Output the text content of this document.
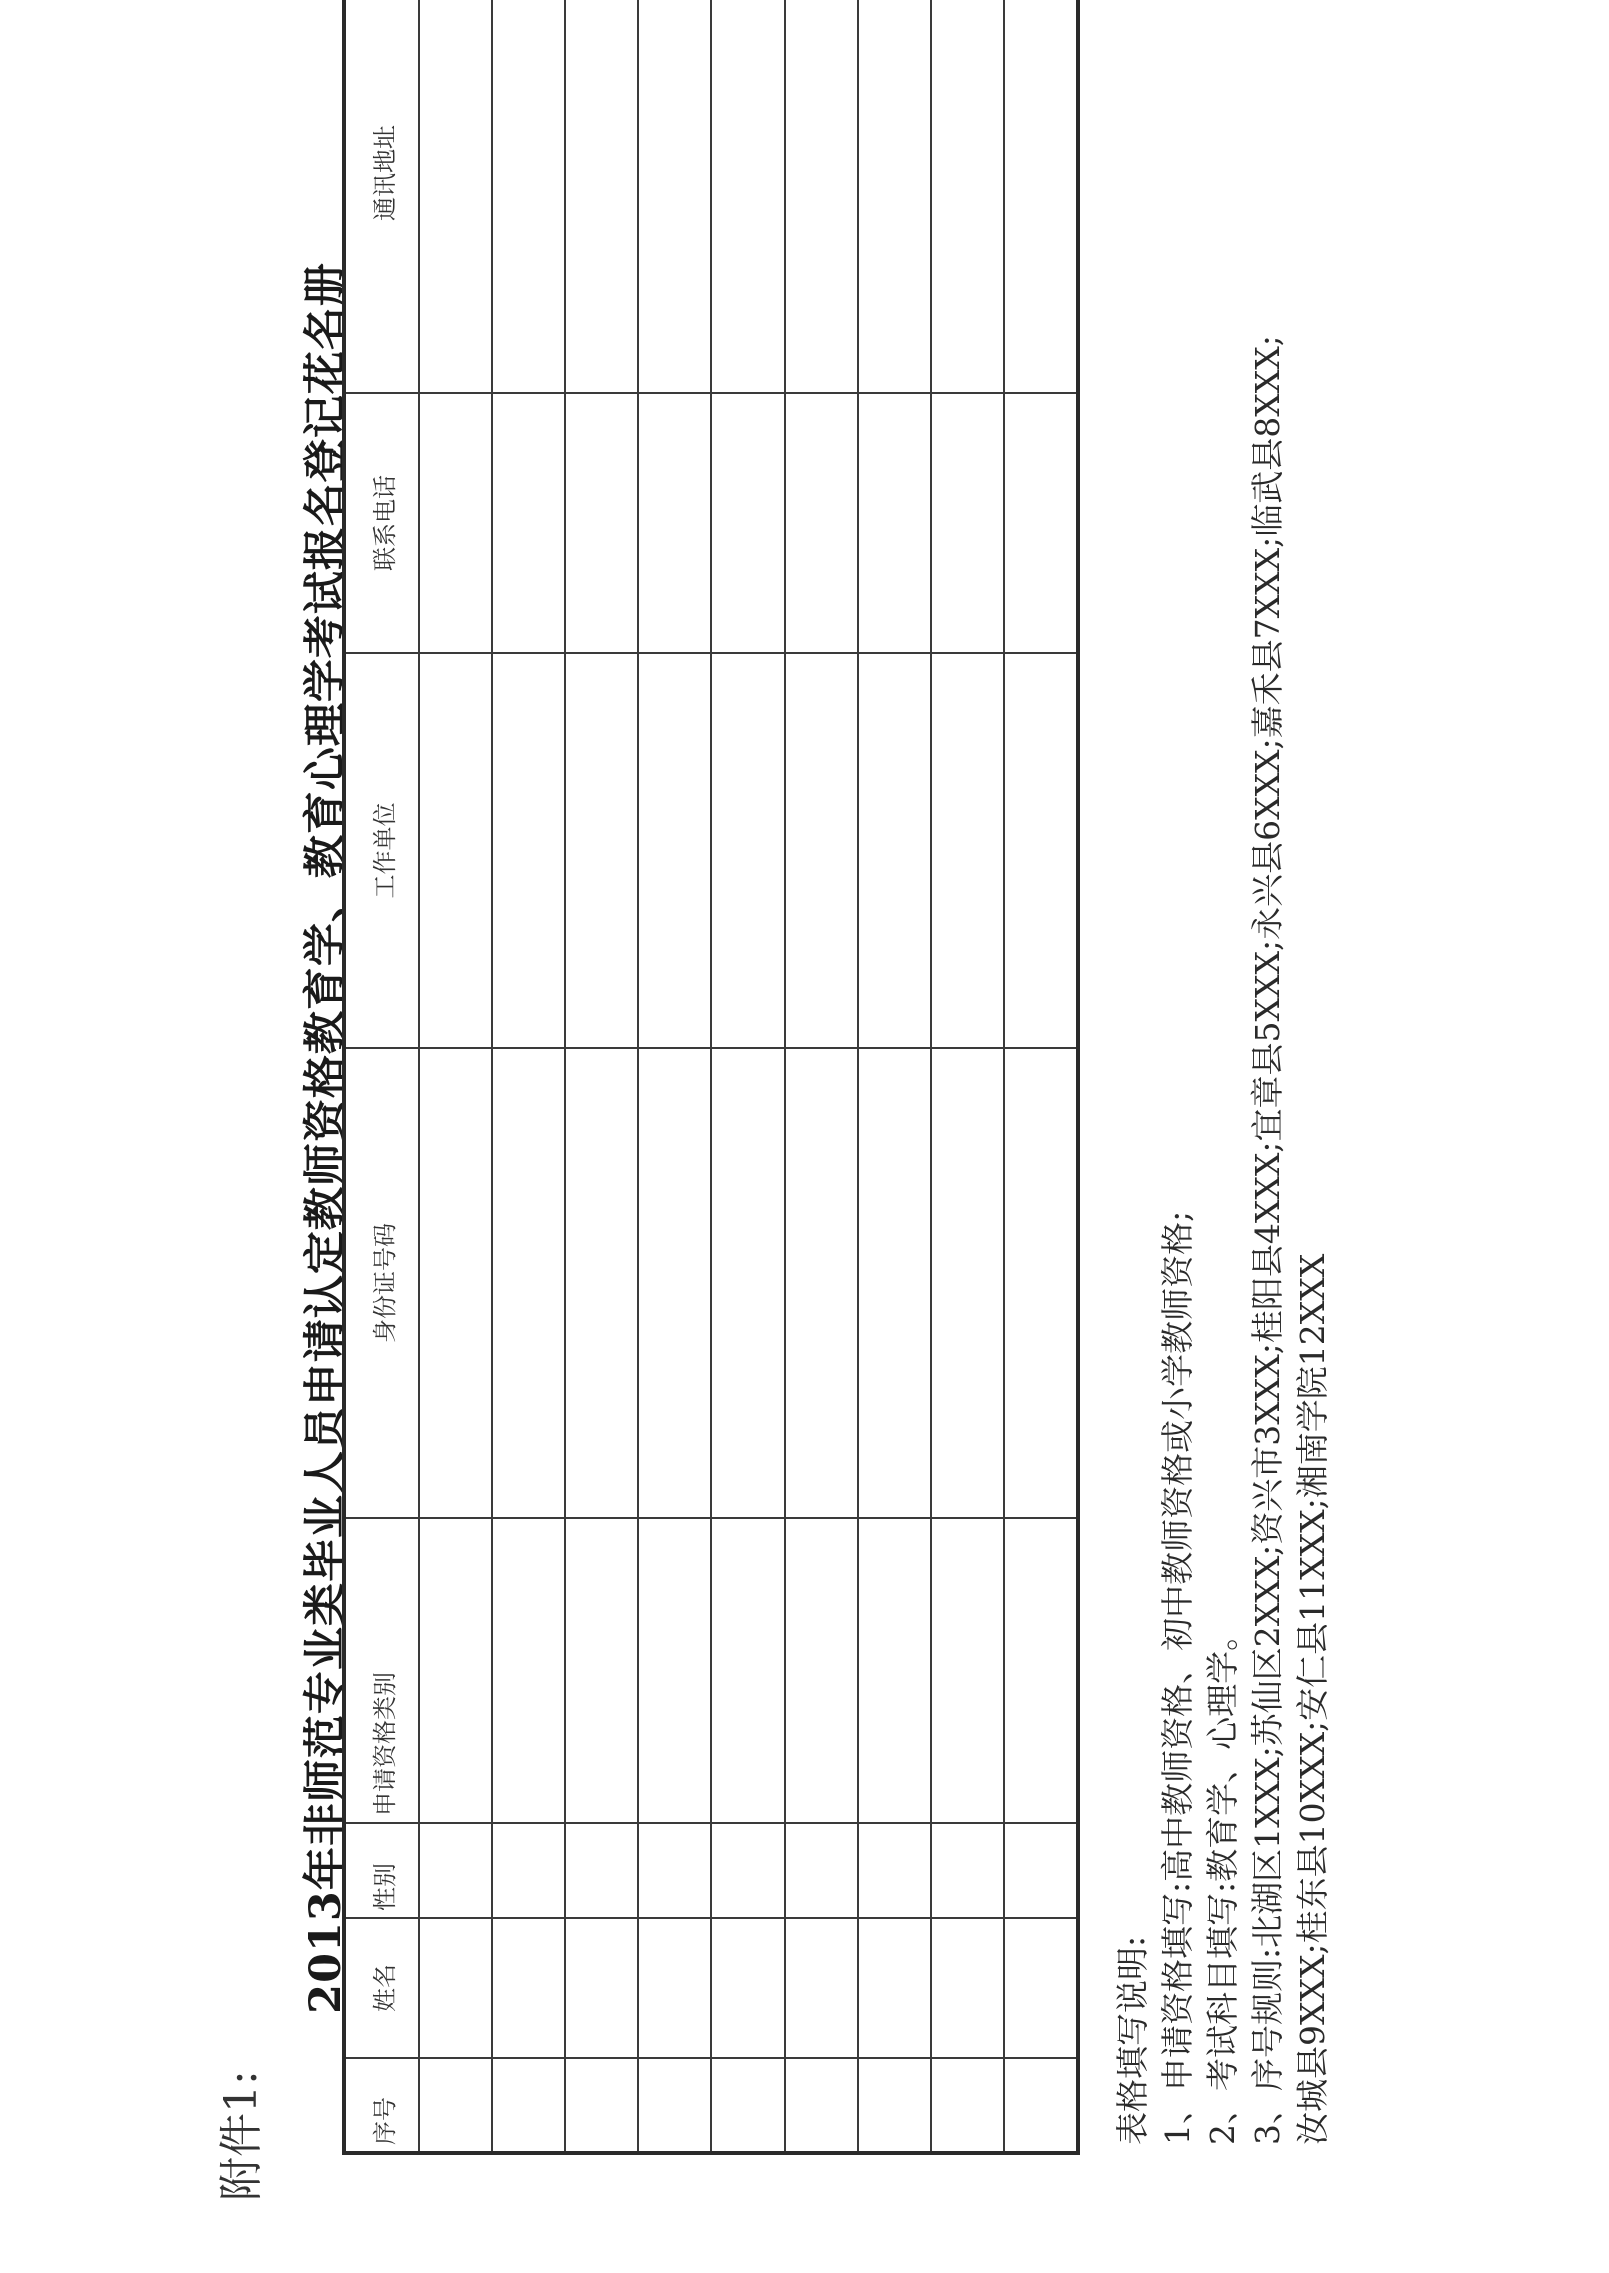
附件1:
2013年非师范专业类毕业人员申请认定教师资格教育学、教育心理学考试报名登记花名册
序号	姓名	性别	申请资格类别	身份证号码	工作单位	联系电话	通讯地址	

表格填写说明: 1、申请资格填写:高中教师资格、初中教师资格或小学教师资格; 2、考试科目填写:教育学、心理学。 3、序号规则:北湖区1XXX;苏仙区2XXX;资兴市3XXX;桂阳县4XXX;宜章县5XXX;永兴县6XXX;嘉禾县7XXX;临武县8XXX; 汝城县9XXX;桂东县10XXX;安仁县11XXX;湘南学院12XXX
